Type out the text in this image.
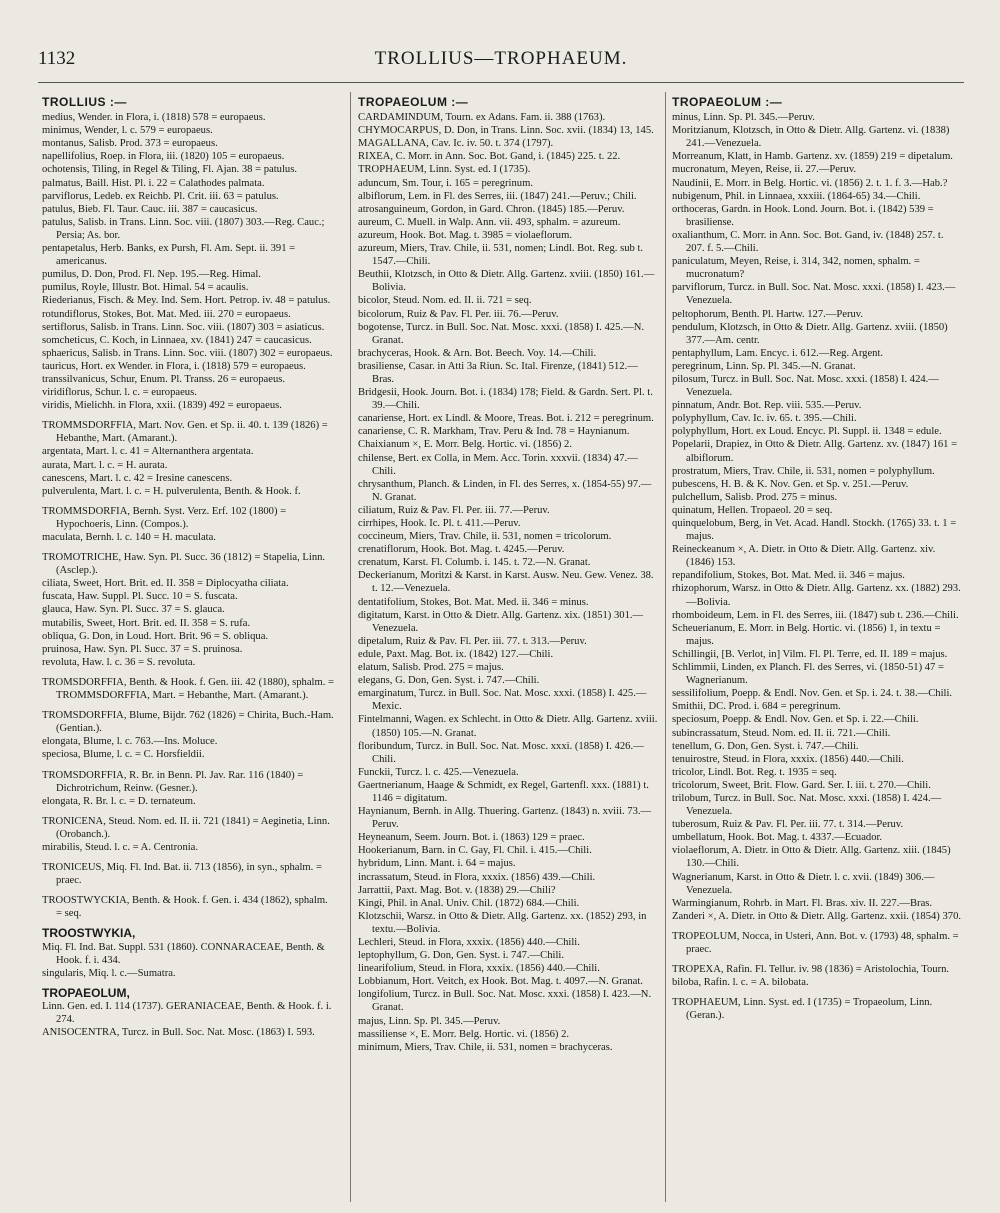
1132	TROLLIUS—TROPHAEUM.
TROLLIUS :—
medius, Wender. in Flora, i. (1818) 578 = europaeus.
minimus, Wender, l. c. 579 = europaeus.
montanus, Salisb. Prod. 373 = europaeus.
napellifolius, Roep. in Flora, iii. (1820) 105 = europaeus.
ochotensis, Tiling, in Regel & Tiling, Fl. Ajan. 38 = patulus.
palmatus, Baill. Hist. Pl. i. 22 = Calathodes palmata.
parviflorus, Ledeb. ex Reichb. Pl. Crit. iii. 63 = patulus.
patulus, Bieb. Fl. Taur. Cauc. iii. 387 = caucasicus.
patulus, Salisb. in Trans. Linn. Soc. viii. (1807) 303.—Reg. Cauc.; Persia; As. bor.
pentapetalus, Herb. Banks, ex Pursh, Fl. Am. Sept. ii. 391 = americanus.
pumilus, D. Don, Prod. Fl. Nep. 195.—Reg. Himal.
pumilus, Royle, Illustr. Bot. Himal. 54 = acaulis.
Riederianus, Fisch. & Mey. Ind. Sem. Hort. Petrop. iv. 48 = patulus.
rotundiflorus, Stokes, Bot. Mat. Med. iii. 270 = europaeus.
sertiflorus, Salisb. in Trans. Linn. Soc. viii. (1807) 303 = asiaticus.
somcheticus, C. Koch, in Linnaea, xv. (1841) 247 = caucasicus.
sphaericus, Salisb. in Trans. Linn. Soc. viii. (1807) 302 = europaeus.
tauricus, Hort. ex Wender. in Flora, i. (1818) 579 = europaeus.
transsilvanicus, Schur, Enum. Pl. Transs. 26 = europaeus.
viridiflorus, Schur. l. c. = europaeus.
viridis, Mielichh. in Flora, xxii. (1839) 492 = europaeus.
TROMMSDORFFIA, Mart. Nov. Gen. et Sp. ii. 40. t. 139 (1826) = Hebanthe, Mart. (Amarant.).
argentata, Mart. l. c. 41 = Alternanthera argentata.
aurata, Mart. l. c. = H. aurata.
canescens, Mart. l. c. 42 = Iresine canescens.
pulverulenta, Mart. l. c. = H. pulverulenta, Benth. & Hook. f.
TROMMSDORFIA, Bernh. Syst. Verz. Erf. 102 (1800) = Hypochoeris, Linn. (Compos.).
maculata, Bernh. l. c. 140 = H. maculata.
TROMOTRICHE, Haw. Syn. Pl. Succ. 36 (1812) = Stapelia, Linn. (Asclep.).
ciliata, Sweet, Hort. Brit. ed. II. 358 = Diplocyatha ciliata.
fuscata, Haw. Suppl. Pl. Succ. 10 = S. fuscata.
glauca, Haw. Syn. Pl. Succ. 37 = S. glauca.
mutabilis, Sweet, Hort. Brit. ed. II. 358 = S. rufa.
obliqua, G. Don, in Loud. Hort. Brit. 96 = S. obliqua.
pruinosa, Haw. Syn. Pl. Succ. 37 = S. pruinosa.
revoluta, Haw. l. c. 36 = S. revoluta.
TROMSDORFFIA, Benth. & Hook. f. Gen. iii. 42 (1880), sphalm. = TROMMSDORFFIA, Mart. = Hebanthe, Mart. (Amarant.).
TROMSDORFFIA, Blume, Bijdr. 762 (1826) = Chirita, Buch.-Ham. (Gentian.).
elongata, Blume, l. c. 763.—Ins. Moluce.
speciosa, Blume, l. c. = C. Horsfieldii.
TROMSDORFFIA, R. Br. in Benn. Pl. Jav. Rar. 116 (1840) = Dichrotrichum, Reinw. (Gesner.).
elongata, R. Br. l. c. = D. ternateum.
TRONICENA, Steud. Nom. ed. II. ii. 721 (1841) = Aeginetia, Linn. (Orobanch.).
mirabilis, Steud. l. c. = A. Centronia.
TRONICEUS, Miq. Fl. Ind. Bat. ii. 713 (1856), in syn., sphalm. = praec.
TROOSTWYCKIA, Benth. & Hook. f. Gen. i. 434 (1862), sphalm. = seq.
TROOSTWYKIA,
Miq. Fl. Ind. Bat. Suppl. 531 (1860). CONNARACEAE, Benth. & Hook. f. i. 434.
singularis, Miq. l. c.—Sumatra.
TROPAEOLUM,
Linn. Gen. ed. I. 114 (1737). GERANIACEAE, Benth. & Hook. f. i. 274.
ANISOCENTRA, Turcz. in Bull. Soc. Nat. Mosc. (1863) I. 593.
TROPAEOLUM :—
CARDAMINDUM, Tourn. ex Adans. Fam. ii. 388 (1763).
CHYMOCARPUS, D. Don, in Trans. Linn. Soc. xvii. (1834) 13, 145.
MAGALLANA, Cav. Ic. iv. 50. t. 374 (1797).
RIXEA, C. Morr. in Ann. Soc. Bot. Gand, i. (1845) 225. t. 22.
TROPHAEUM, Linn. Syst. ed. I (1735).
aduncum, Sm. Tour, i. 165 = peregrinum.
albiflorum, Lem. in Fl. des Serres, iii. (1847) 241.—Peruv.; Chili.
atrosanguineum, Gordon, in Gard. Chron. (1845) 185.—Peruv.
aureum, C. Muell. in Walp. Ann. vii. 493, sphalm. = azureum.
azureum, Hook. Bot. Mag. t. 3985 = violaeflorum.
azureum, Miers, Trav. Chile, ii. 531, nomen; Lindl. Bot. Reg. sub t. 1547.—Chili.
Beuthii, Klotzsch, in Otto & Dietr. Allg. Gartenz. xviii. (1850) 161.—Bolivia.
bicolor, Steud. Nom. ed. II. ii. 721 = seq.
bicolorum, Ruiz & Pav. Fl. Per. iii. 76.—Peruv.
bogotense, Turcz. in Bull. Soc. Nat. Mosc. xxxi. (1858) I. 425.—N. Granat.
brachyceras, Hook. & Arn. Bot. Beech. Voy. 14.—Chili.
brasiliense, Casar. in Atti 3a Riun. Sc. Ital. Firenze, (1841) 512.—Bras.
Bridgesii, Hook. Journ. Bot. i. (1834) 178; Field. & Gardn. Sert. Pl. t. 39.—Chili.
canariense, Hort. ex Lindl. & Moore, Treas. Bot. i. 212 = peregrinum.
canariense, C. R. Markham, Trav. Peru & Ind. 78 = Haynianum.
Chaixianum ×, E. Morr. Belg. Hortic. vi. (1856) 2.
chilense, Bert. ex Colla, in Mem. Acc. Torin. xxxvii. (1834) 47.—Chili.
chrysanthum, Planch. & Linden, in Fl. des Serres, x. (1854-55) 97.—N. Granat.
ciliatum, Ruiz & Pav. Fl. Per. iii. 77.—Peruv.
cirrhipes, Hook. Ic. Pl. t. 411.—Peruv.
coccineum, Miers, Trav. Chile, ii. 531, nomen = tricolorum.
crenatiflorum, Hook. Bot. Mag. t. 4245.—Peruv.
crenatum, Karst. Fl. Columb. i. 145. t. 72.—N. Granat.
Deckerianum, Moritzi & Karst. in Karst. Ausw. Neu. Gew. Venez. 38. t. 12.—Venezuela.
dentatifolium, Stokes, Bot. Mat. Med. ii. 346 = minus.
digitatum, Karst. in Otto & Dietr. Allg. Gartenz. xix. (1851) 301.—Venezuela.
dipetalum, Ruiz & Pav. Fl. Per. iii. 77. t. 313.—Peruv.
edule, Paxt. Mag. Bot. ix. (1842) 127.—Chili.
elatum, Salisb. Prod. 275 = majus.
elegans, G. Don, Gen. Syst. i. 747.—Chili.
emarginatum, Turcz. in Bull. Soc. Nat. Mosc. xxxi. (1858) I. 425.—Mexic.
Fintelmanni, Wagen. ex Schlecht. in Otto & Dietr. Allg. Gartenz. xviii. (1850) 105.—N. Granat.
floribundum, Turcz. in Bull. Soc. Nat. Mosc. xxxi. (1858) I. 426.—Chili.
Funckii, Turcz. l. c. 425.—Venezuela.
Gaertnerianum, Haage & Schmidt, ex Regel, Gartenfl. xxx. (1881) t. 1146 = digitatum.
Haynianum, Bernh. in Allg. Thuering. Gartenz. (1843) n. xviii. 73.—Peruv.
Heyneanum, Seem. Journ. Bot. i. (1863) 129 = praec.
Hookerianum, Barn. in C. Gay, Fl. Chil. i. 415.—Chili.
hybridum, Linn. Mant. i. 64 = majus.
incrassatum, Steud. in Flora, xxxix. (1856) 439.—Chili.
Jarrattii, Paxt. Mag. Bot. v. (1838) 29.—Chili?
Kingi, Phil. in Anal. Univ. Chil. (1872) 684.—Chili.
Klotzschii, Warsz. in Otto & Dietr. Allg. Gartenz. xx. (1852) 293, in textu.—Bolivia.
Lechleri, Steud. in Flora, xxxix. (1856) 440.—Chili.
leptophyllum, G. Don, Gen. Syst. i. 747.—Chili.
linearifolium, Steud. in Flora, xxxix. (1856) 440.—Chili.
Lobbianum, Hort. Veitch, ex Hook. Bot. Mag. t. 4097.—N. Granat.
longifolium, Turcz. in Bull. Soc. Nat. Mosc. xxxi. (1858) I. 423.—N. Granat.
majus, Linn. Sp. Pl. 345.—Peruv.
massiliense ×, E. Morr. Belg. Hortic. vi. (1856) 2.
minimum, Miers, Trav. Chile, ii. 531, nomen = brachyceras.
TROPAEOLUM :—
minus, Linn. Sp. Pl. 345.—Peruv.
Moritzianum, Klotzsch, in Otto & Dietr. Allg. Gartenz. vi. (1838) 241.—Venezuela.
Morreanum, Klatt, in Hamb. Gartenz. xv. (1859) 219 = dipetalum.
mucronatum, Meyen, Reise, ii. 27.—Peruv.
Naudinii, E. Morr. in Belg. Hortic. vi. (1856) 2. t. 1. f. 3.—Hab.?
nubigenum, Phil. in Linnaea, xxxiii. (1864-65) 34.—Chili.
orthoceras, Gardn. in Hook. Lond. Journ. Bot. i. (1842) 539 = brasiliense.
oxalianthum, C. Morr. in Ann. Soc. Bot. Gand, iv. (1848) 257. t. 207. f. 5.—Chili.
paniculatum, Meyen, Reise, i. 314, 342, nomen, sphalm. = mucronatum?
parviflorum, Turcz. in Bull. Soc. Nat. Mosc. xxxi. (1858) I. 423.—Venezuela.
peltophorum, Benth. Pl. Hartw. 127.—Peruv.
pendulum, Klotzsch, in Otto & Dietr. Allg. Gartenz. xviii. (1850) 377.—Am. centr.
pentaphyllum, Lam. Encyc. i. 612.—Reg. Argent.
peregrinum, Linn. Sp. Pl. 345.—N. Granat.
pilosum, Turcz. in Bull. Soc. Nat. Mosc. xxxi. (1858) I. 424.—Venezuela.
pinnatum, Andr. Bot. Rep. viii. 535.—Peruv.
polyphyllum, Cav. Ic. iv. 65. t. 395.—Chili.
polyphyllum, Hort. ex Loud. Encyc. Pl. Suppl. ii. 1348 = edule.
Popelarii, Drapiez, in Otto & Dietr. Allg. Gartenz. xv. (1847) 161 = albiflorum.
prostratum, Miers, Trav. Chile, ii. 531, nomen = polyphyllum.
pubescens, H. B. & K. Nov. Gen. et Sp. v. 251.—Peruv.
pulchellum, Salisb. Prod. 275 = minus.
quinatum, Hellen. Tropaeol. 20 = seq.
quinquelobum, Berg, in Vet. Acad. Handl. Stockh. (1765) 33. t. 1 = majus.
Reineckeanum ×, A. Dietr. in Otto & Dietr. Allg. Gartenz. xiv. (1846) 153.
repandifolium, Stokes, Bot. Mat. Med. ii. 346 = majus.
rhizophorum, Warsz. in Otto & Dietr. Allg. Gartenz. xx. (1882) 293.—Bolivia.
rhomboideum, Lem. in Fl. des Serres, iii. (1847) sub t. 236.—Chili.
Scheuerianum, E. Morr. in Belg. Hortic. vi. (1856) 1, in textu = majus.
Schillingii, [B. Verlot, in] Vilm. Fl. Pl. Terre, ed. II. 189 = majus.
Schlimmii, Linden, ex Planch. Fl. des Serres, vi. (1850-51) 47 = Wagnerianum.
sessilifolium, Poepp. & Endl. Nov. Gen. et Sp. i. 24. t. 38.—Chili.
Smithii, DC. Prod. i. 684 = peregrinum.
speciosum, Poepp. & Endl. Nov. Gen. et Sp. i. 22.—Chili.
subincrassatum, Steud. Nom. ed. II. ii. 721.—Chili.
tenellum, G. Don, Gen. Syst. i. 747.—Chili.
tenuirostre, Steud. in Flora, xxxix. (1856) 440.—Chili.
tricolor, Lindl. Bot. Reg. t. 1935 = seq.
tricolorum, Sweet, Brit. Flow. Gard. Ser. I. iii. t. 270.—Chili.
trilobum, Turcz. in Bull. Soc. Nat. Mosc. xxxi. (1858) I. 424.—Venezuela.
tuberosum, Ruiz & Pav. Fl. Per. iii. 77. t. 314.—Peruv.
umbellatum, Hook. Bot. Mag. t. 4337.—Ecuador.
violaeflorum, A. Dietr. in Otto & Dietr. Allg. Gartenz. xiii. (1845) 130.—Chili.
Wagnerianum, Karst. in Otto & Dietr. l. c. xvii. (1849) 306.—Venezuela.
Warmingianum, Rohrb. in Mart. Fl. Bras. xiv. II. 227.—Bras.
Zanderi ×, A. Dietr. in Otto & Dietr. Allg. Gartenz. xxii. (1854) 370.
TROPEOLUM, Nocca, in Usteri, Ann. Bot. v. (1793) 48, sphalm. = praec.
TROPEXA, Rafin. Fl. Tellur. iv. 98 (1836) = Aristolochia, Tourn.
biloba, Rafin. l. c. = A. bilobata.
TROPHAEUM, Linn. Syst. ed. I (1735) = Tropaeolum, Linn. (Geran.).
